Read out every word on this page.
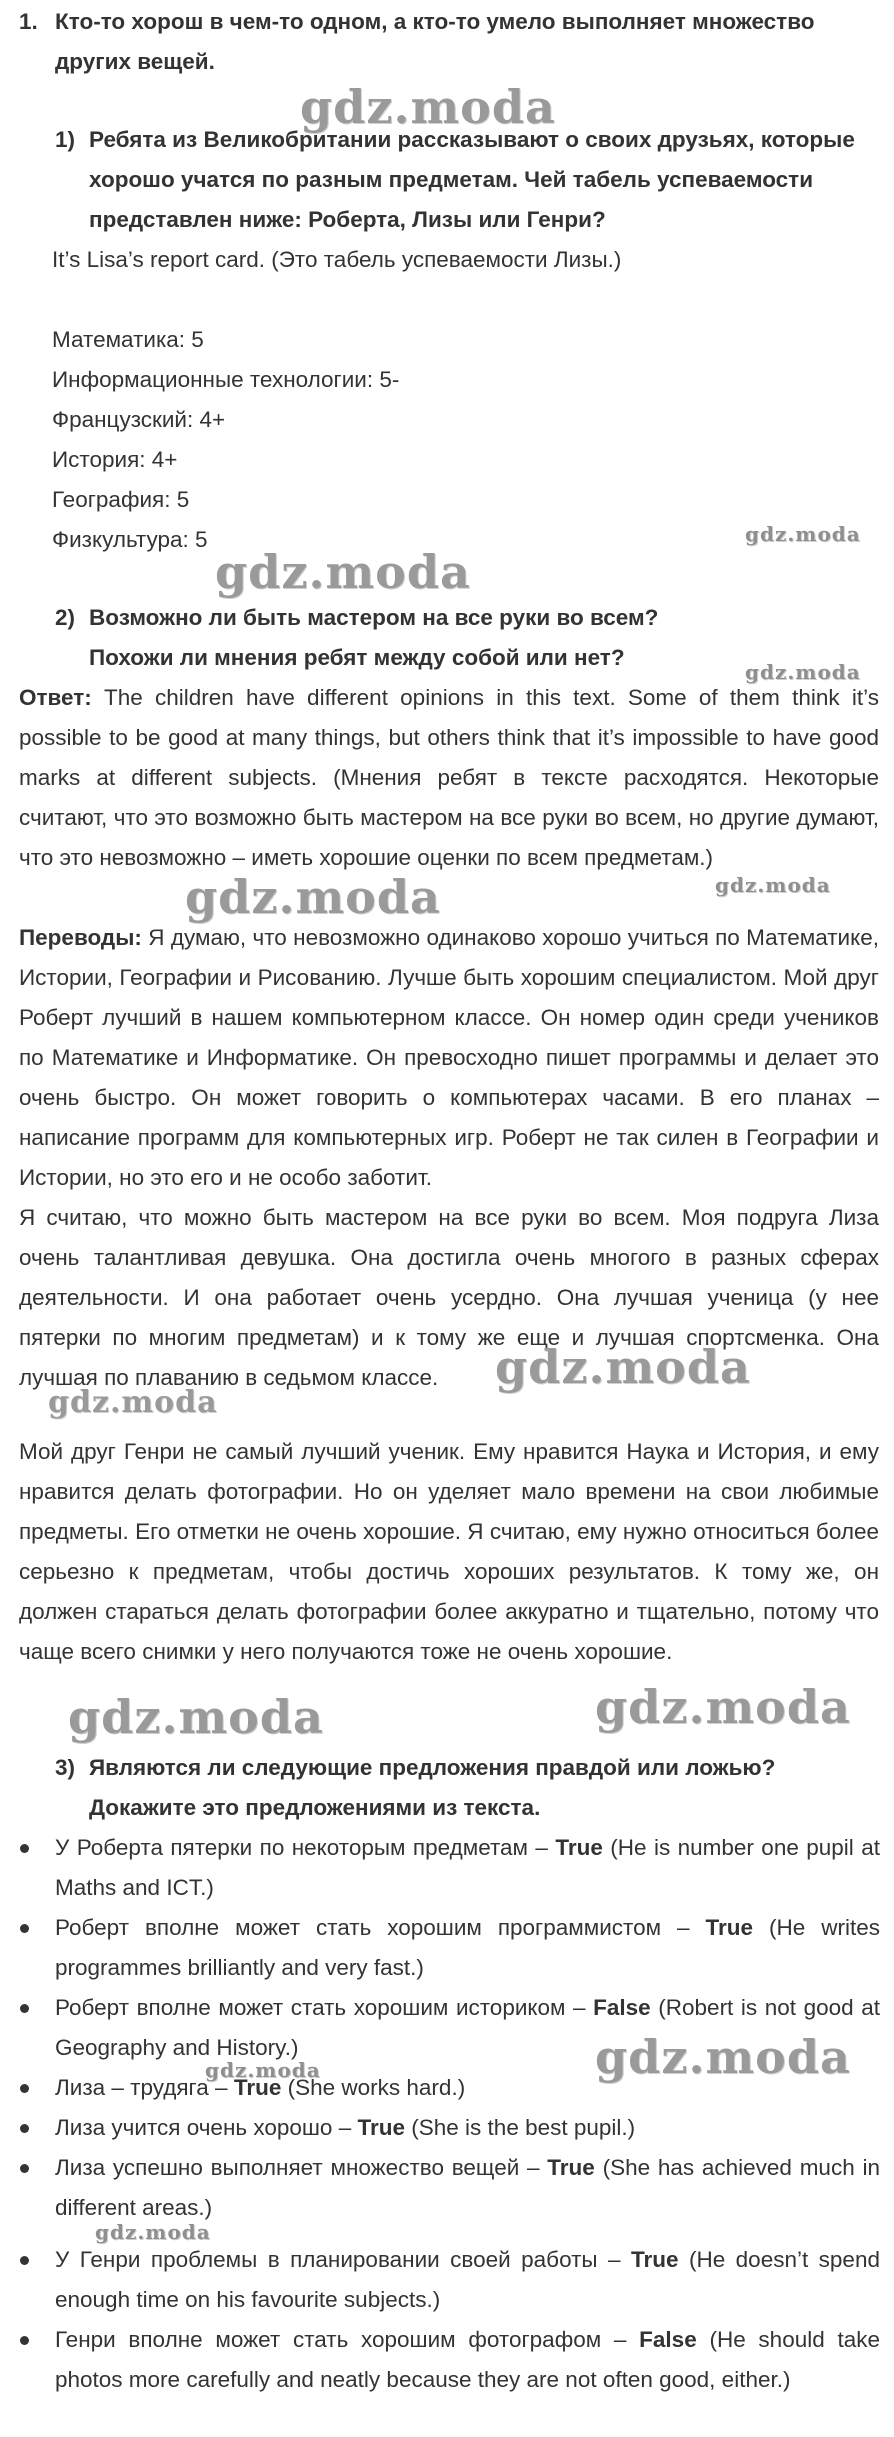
1. Кто-то хорош в чем-то одном, а кто-то умело выполняет множество
других вещей.
gdz.moda
1) Ребята из Великобритании рассказывают о своих друзьях, которые
хорошо учатся по разным предметам. Чей табель успеваемости
представлен ниже: Роберта, Лизы или Генри?
It’s Lisa’s report card. (Это табель успеваемости Лизы.)
Математика: 5
Информационные технологии: 5-
Французский: 4+
История: 4+
География: 5
Физкультура: 5	gdz.moda
gdz.moda
2) Возможно ли быть мастером на все руки во всем?
Похожи ли мнения ребят между собой или нет?
gdz.moda
Ответ: The children have different opinions in this text. Some of them think it’s possible to be good at many things, but others think that it’s impossible to have good marks at different subjects. (Мнения ребят в тексте расходятся. Некоторые считают, что это возможно быть мастером на все руки во всем, но другие думают, что это невозможно – иметь хорошие оценки по всем предметам.)
gdz.moda	gdz.moda
Переводы: Я думаю, что невозможно одинаково хорошо учиться по Математике, Истории, Географии и Рисованию. Лучше быть хорошим специалистом. Мой друг Роберт лучший в нашем компьютерном классе. Он номер один среди учеников по Математике и Информатике. Он превосходно пишет программы и делает это очень быстро. Он может говорить о компьютерах часами. В его планах – написание программ для компьютерных игр. Роберт не так силен в Географии и Истории, но это его и не особо заботит.
Я считаю, что можно быть мастером на все руки во всем. Моя подруга Лиза очень талантливая девушка. Она достигла очень многого в разных сферах деятельности. И она работает очень усердно. Она лучшая ученица (у нее пятерки по многим предметам) и к тому же еще и лучшая спортсменка. Она лучшая по плаванию в седьмом классе.	gdz.moda
gdz.moda
Мой друг Генри не самый лучший ученик. Ему нравится Наука и История, и ему нравится делать фотографии. Но он уделяет мало времени на свои любимые предметы. Его отметки не очень хорошие. Я считаю, ему нужно относиться более серьезно к предметам, чтобы достичь хороших результатов. К тому же, он должен стараться делать фотографии более аккуратно и тщательно, потому что чаще всего снимки у него получаются тоже не очень хорошие.
gdz.moda	gdz.moda
3) Являются ли следующие предложения правдой или ложью?
Докажите это предложениями из текста.
У Роберта пятерки по некоторым предметам – True (He is number one pupil at Maths and ICT.)
Роберт вполне может стать хорошим программистом – True (He writes programmes brilliantly and very fast.)
Роберт вполне может стать хорошим историком – False (Robert is not good at Geography and History.)	gdz.moda
gdz.moda
Лиза – трудяга – True (She works hard.)
Лиза учится очень хорошо – True (She is the best pupil.)
Лиза успешно выполняет множество вещей – True (She has achieved much in different areas.)
gdz.moda
У Генри проблемы в планировании своей работы – True (He doesn’t spend enough time on his favourite subjects.)
Генри вполне может стать хорошим фотографом – False (He should take photos more carefully and neatly because they are not often good, either.)
